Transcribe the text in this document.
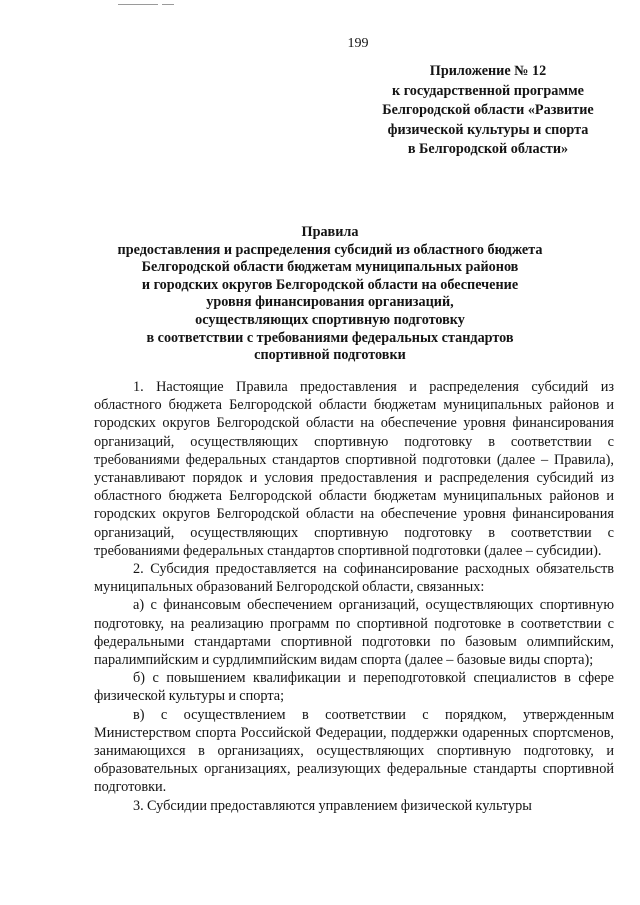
199
Приложение № 12
к государственной программе
Белгородской области «Развитие
физической культуры и спорта
в Белгородской области»
Правила
предоставления и распределения субсидий из областного бюджета
Белгородской области бюджетам муниципальных районов
и городских округов Белгородской области на обеспечение
уровня финансирования организаций,
осуществляющих спортивную подготовку
в соответствии с требованиями федеральных стандартов
спортивной подготовки

1. Настоящие Правила предоставления и распределения субсидий из областного бюджета Белгородской области бюджетам муниципальных районов и городских округов Белгородской области на обеспечение уровня финансирования организаций, осуществляющих спортивную подготовку в соответствии с требованиями федеральных стандартов спортивной подготовки (далее – Правила), устанавливают порядок и условия предоставления и распределения субсидий из областного бюджета Белгородской области бюджетам муниципальных районов и городских округов Белгородской области на обеспечение уровня финансирования организаций, осуществляющих спортивную подготовку в соответствии с требованиями федеральных стандартов спортивной подготовки (далее – субсидии).

2. Субсидия предоставляется на софинансирование расходных обязательств муниципальных образований Белгородской области, связанных:

а) с финансовым обеспечением организаций, осуществляющих спортивную подготовку, на реализацию программ по спортивной подготовке в соответствии с федеральными стандартами спортивной подготовки по базовым олимпийским, паралимпийским и сурдлимпийским видам спорта (далее – базовые виды спорта);

б) с повышением квалификации и переподготовкой специалистов в сфере физической культуры и спорта;

в) с осуществлением в соответствии с порядком, утвержденным Министерством спорта Российской Федерации, поддержки одаренных спортсменов, занимающихся в организациях, осуществляющих спортивную подготовку, и образовательных организациях, реализующих федеральные стандарты спортивной подготовки.

3. Субсидии предоставляются управлением физической культуры
